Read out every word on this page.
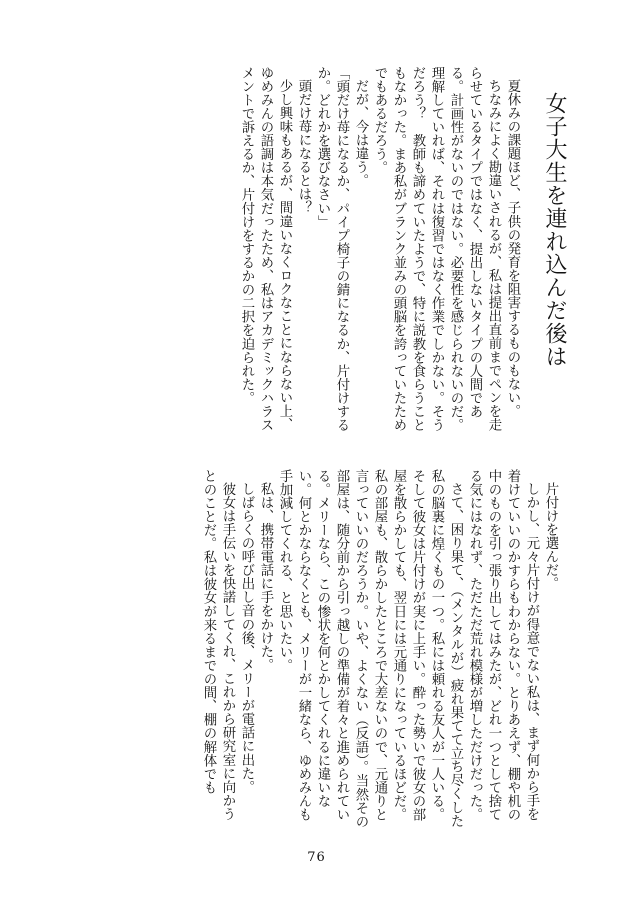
女子大生を連れ込んだ後は

夏休みの課題ほど、子供の発育を阻害するものもない。

ちなみによく勘違いされるが、私は提出直前までペンを走らせているタイプではなく、提出しないタイプの人間である。計画性がないのではない。必要性を感じられないのだ。理解していれば、それは復習ではなく作業でしかない。そうだろう？　教師も諦めていたようで、特に説教を食らうこともなかった。まあ私がブランク並みの頭脳を誇っていたためでもあるだろう。

だが、今は違う。

「頭だけ苺になるか、パイプ椅子の錆になるか、片付けするか。どれかを選びなさい」

頭だけ苺になるとは？

少し興味もあるが、間違いなくロクなことにならない上、ゆめみんの語調は本気だったため、私はアカデミックハラスメントで訴えるか、片付けをするかの二択を迫られた。

片付けを選んだ。

しかし、元々片付けが得意でない私は、まず何から手を着けていいのかすらもわからない。とりあえず、棚や机の中のものを引っ張り出してはみたが、どれ一つとして捨てる気にはなれず、ただただ荒れ模様が増しただけだった。

さて、困り果て、（メンタルが）疲れ果てて立ち尽くした私の脳裏に煌くもの一つ。私には頼れる友人が一人いる。そして彼女は片付けが実に上手い。酔った勢いで彼女の部屋を散らかしても、翌日には元通りになっているほどだ。私の部屋も、散らかしたところで大差ないので、元通りと言っていいのだろうか。いや、よくない（反語）。当然その部屋は、随分前から引っ越しの準備が着々と進められている。メリーなら、この惨状を何とかしてくれるに違いない。何とかならなくとも、メリーが一緒なら、ゆめみんも手加減してくれる、と思いたい。

私は、携帯電話に手をかけた。

しばらくの呼び出し音の後、メリーが電話に出た。

彼女は手伝いを快諾してくれ、これから研究室に向かうとのことだ。私は彼女が来るまでの間、棚の解体でも

76
